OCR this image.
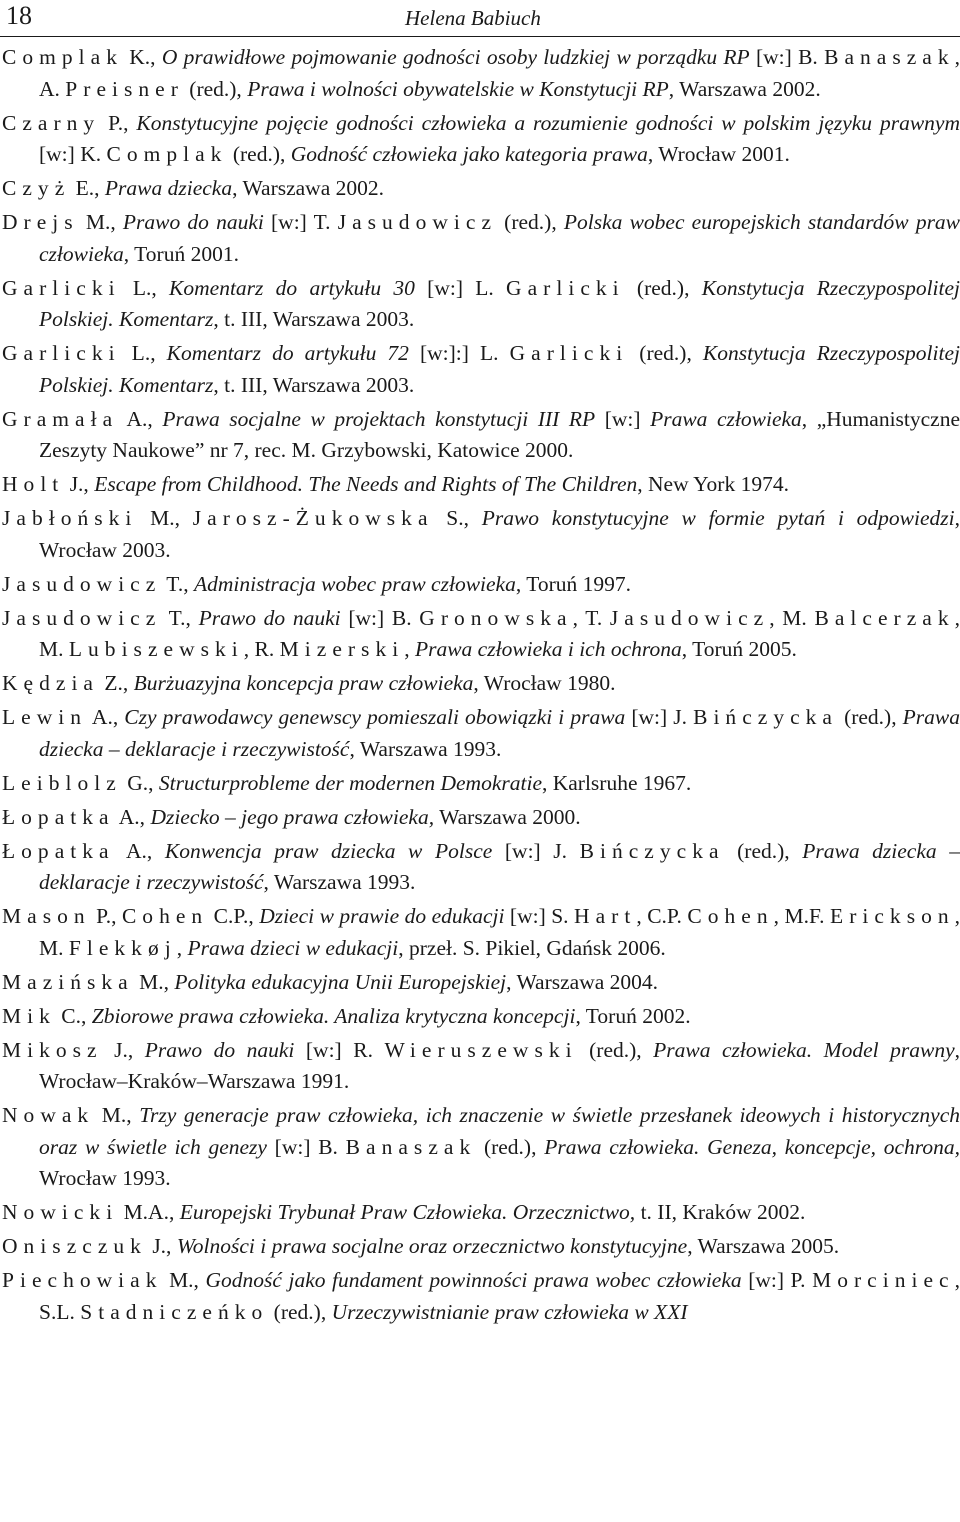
18	Helena Babiuch

Complak K., O prawidłowe pojmowanie godności osoby ludzkiej w porządku RP [w:] B. Banaszak, A. Preisner (red.), Prawa i wolności obywatelskie w Konstytucji RP, Warszawa 2002.

Czarny P., Konstytucyjne pojęcie godności człowieka a rozumienie godności w polskim języku prawnym [w:] K. Complak (red.), Godność człowieka jako kategoria prawa, Wrocław 2001.

Czyż E., Prawa dziecka, Warszawa 2002.

Drejs M., Prawo do nauki [w:] T. Jasudowicz (red.), Polska wobec europejskich standardów praw człowieka, Toruń 2001.

Garlicki L., Komentarz do artykułu 30 [w:] L. Garlicki (red.), Konstytucja Rzeczypospolitej Polskiej. Komentarz, t. III, Warszawa 2003.

Garlicki L., Komentarz do artykułu 72 [w:]:] L. Garlicki (red.), Konstytucja Rzeczypospolitej Polskiej. Komentarz, t. III, Warszawa 2003.

Gramała A., Prawa socjalne w projektach konstytucji III RP [w:] Prawa człowieka, „Humanistyczne Zeszyty Naukowe” nr 7, rec. M. Grzybowski, Katowice 2000.

Holt J., Escape from Childhood. The Needs and Rights of The Children, New York 1974.

Jabłoński M., Jarosz-Żukowska S., Prawo konstytucyjne w formie pytań i odpowiedzi, Wrocław 2003.

Jasudowicz T., Administracja wobec praw człowieka, Toruń 1997.

Jasudowicz T., Prawo do nauki [w:] B. Gronowska, T. Jasudowicz, M. Balcerzak, M. Lubiszewski, R. Mizerski, Prawa człowieka i ich ochrona, Toruń 2005.

Kędzia Z., Burżuazyjna koncepcja praw człowieka, Wrocław 1980.

Lewin A., Czy prawodawcy genewscy pomieszali obowiązki i prawa [w:] J. Bińczycka (red.), Prawa dziecka – deklaracje i rzeczywistość, Warszawa 1993.

Leiblolz G., Structurprobleme der modernen Demokratie, Karlsruhe 1967.

Łopatka A., Dziecko – jego prawa człowieka, Warszawa 2000.

Łopatka A., Konwencja praw dziecka w Polsce [w:] J. Bińczycka (red.), Prawa dziecka – deklaracje i rzeczywistość, Warszawa 1993.

Mason P., Cohen C.P., Dzieci w prawie do edukacji [w:] S. Hart, C.P. Cohen, M.F. Erickson, M. Flekkøj, Prawa dzieci w edukacji, przeł. S. Pikiel, Gdańsk 2006.

Mazińska M., Polityka edukacyjna Unii Europejskiej, Warszawa 2004.

Mik C., Zbiorowe prawa człowieka. Analiza krytyczna koncepcji, Toruń 2002.

Mikosz J., Prawo do nauki [w:] R. Wieruszewski (red.), Prawa człowieka. Model prawny, Wrocław–Kraków–Warszawa 1991.

Nowak M., Trzy generacje praw człowieka, ich znaczenie w świetle przesłanek ideowych i historycznych oraz w świetle ich genezy [w:] B. Banaszak (red.), Prawa człowieka. Geneza, koncepcje, ochrona, Wrocław 1993.

Nowicki M.A., Europejski Trybunał Praw Człowieka. Orzecznictwo, t. II, Kraków 2002.

Oniszczuk J., Wolności i prawa socjalne oraz orzecznictwo konstytucyjne, Warszawa 2005.

Piechowiak M., Godność jako fundament powinności prawa wobec człowieka [w:] P. Morciniec, S.L. Stadniczeńko (red.), Urzeczywistnianie praw człowieka w XXI
